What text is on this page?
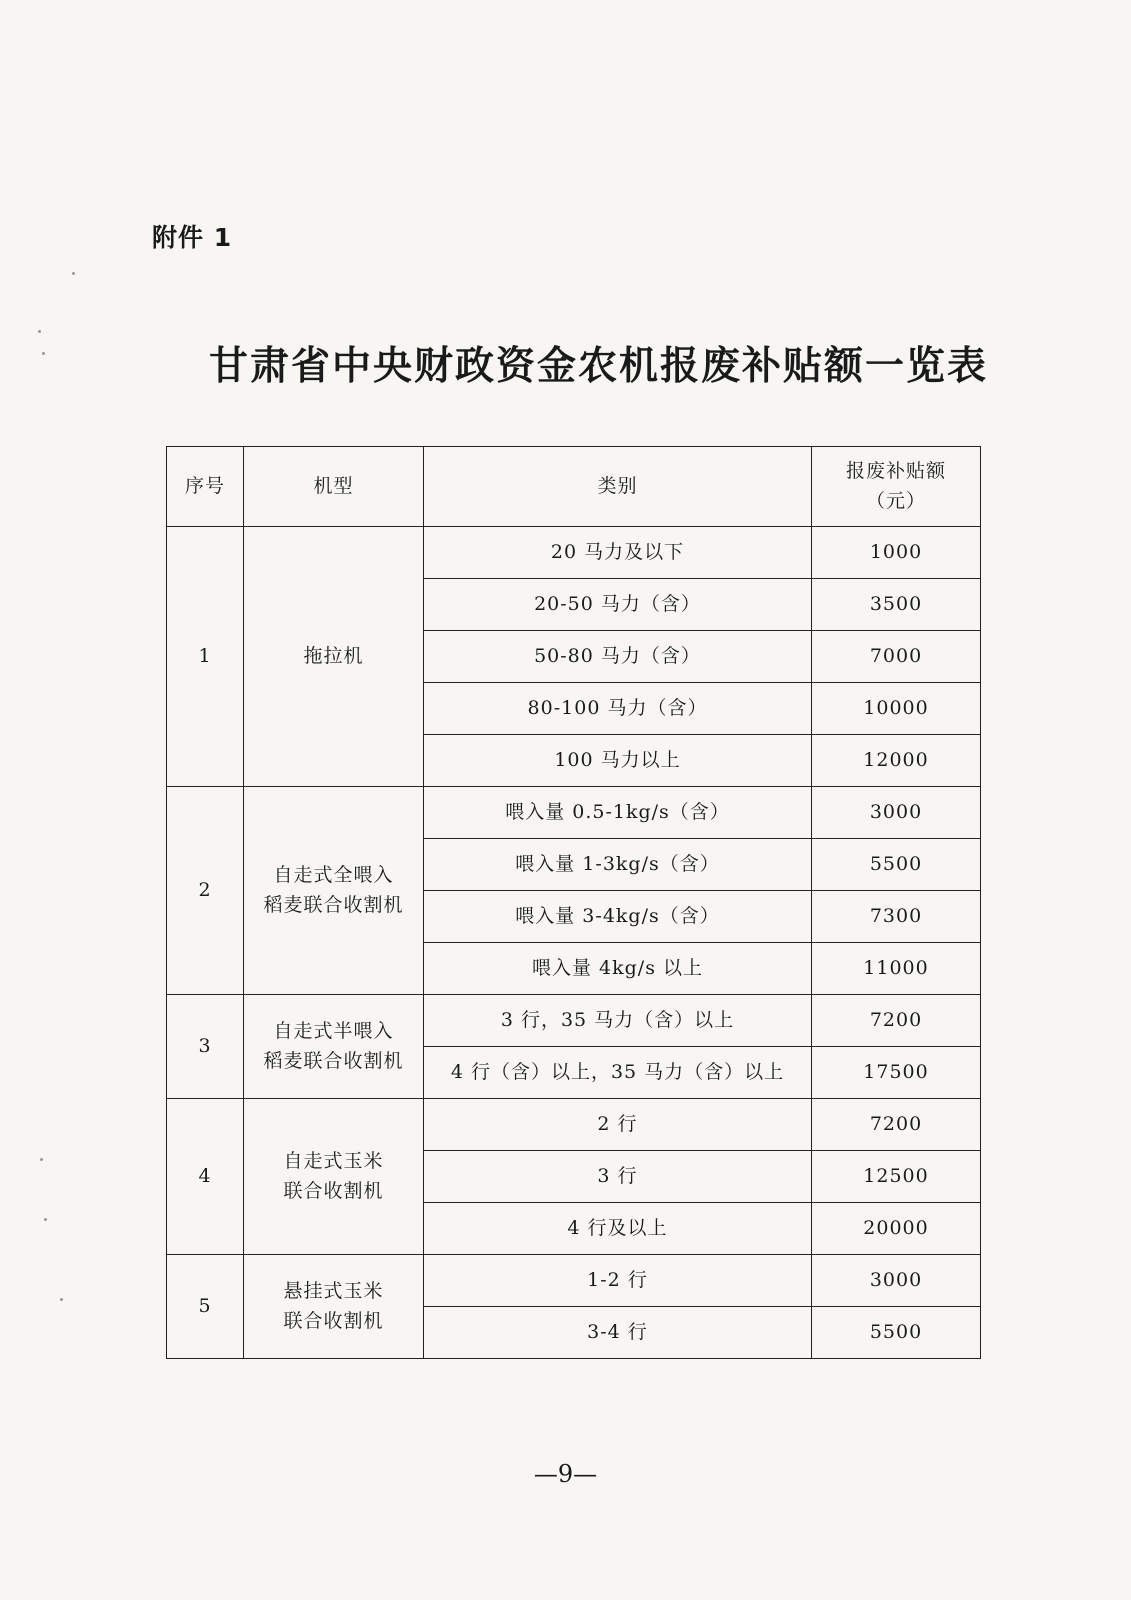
附件 1
甘肃省中央财政资金农机报废补贴额一览表
序号	机型	类别	报废补贴额
（元）

1	拖拉机	20 马力及以下	1000
		20-50 马力（含）	3500
		50-80 马力（含）	7000
		80-100 马力（含）	10000
		100 马力以上	12000
2	自走式全喂入
稻麦联合收割机	喂入量 0.5-1kg/s（含）	3000
		喂入量 1-3kg/s（含）	5500
		喂入量 3-4kg/s（含）	7300
		喂入量 4kg/s 以上	11000
3	自走式半喂入
稻麦联合收割机	3 行，35 马力（含）以上	7200
		4 行（含）以上，35 马力（含）以上	17500
4	自走式玉米
联合收割机	2 行	7200
		3 行	12500
		4 行及以上	20000
5	悬挂式玉米
联合收割机	1-2 行	3000
		3-4 行	5500
—9—
